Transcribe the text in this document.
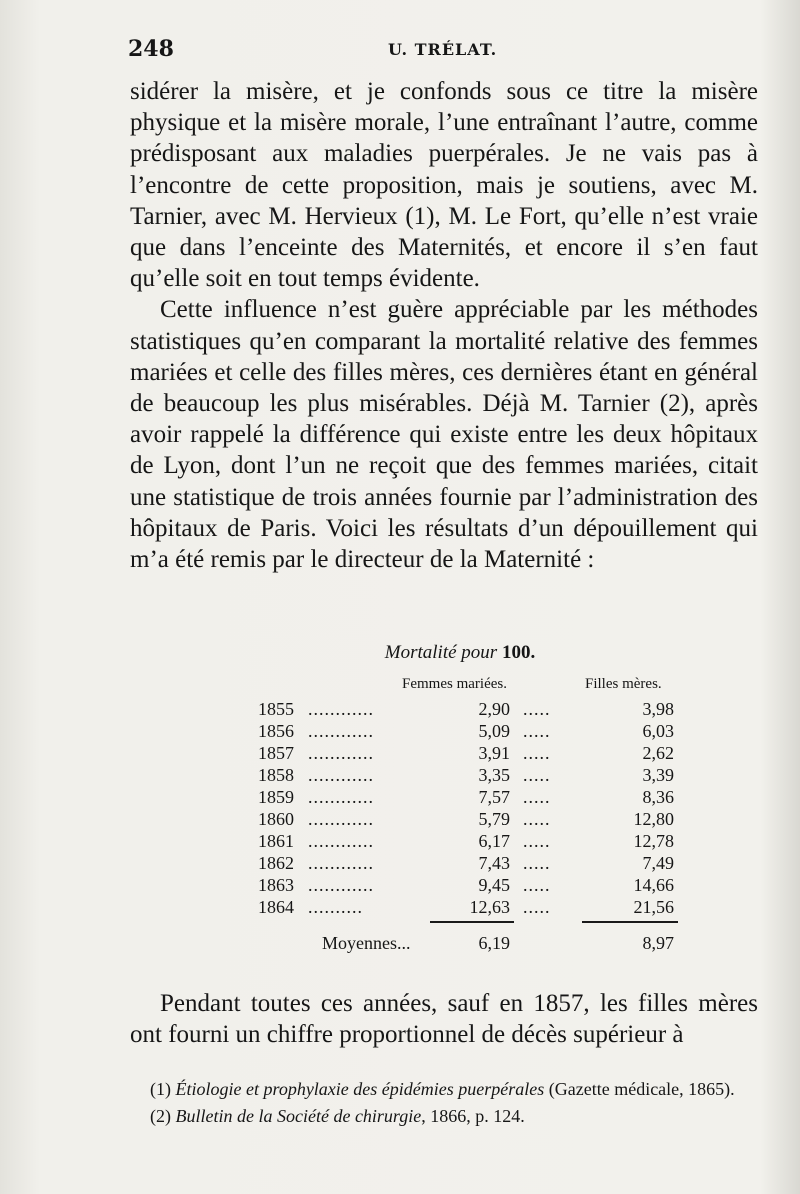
248	U. TRÉLAT.

sidérer la misère, et je confonds sous ce titre la misère physique et la misère morale, l’une entraînant l’autre, comme prédisposant aux maladies puerpérales. Je ne vais pas à l’encontre de cette proposition, mais je soutiens, avec M. Tarnier, avec M. Hervieux (1), M. Le Fort, qu’elle n’est vraie que dans l’enceinte des Maternités, et encore il s’en faut qu’elle soit en tout temps évidente.

Cette influence n’est guère appréciable par les méthodes statistiques qu’en comparant la mortalité relative des femmes mariées et celle des filles mères, ces dernières étant en général de beaucoup les plus misérables. Déjà M. Tarnier (2), après avoir rappelé la différence qui existe entre les deux hôpitaux de Lyon, dont l’un ne reçoit que des femmes mariées, citait une statistique de trois années fournie par l’administration des hôpitaux de Paris. Voici les résultats d’un dépouillement qui m’a été remis par le directeur de la Maternité :

Mortalité pour 100.
Femmes mariées.	Filles mères.
1855 ............	2,90 .....	3,98
1856 ............	5,09 .....	6,03
1857 ............	3,91 .....	2,62
1858 ............	3,35 .....	3,39
1859 ............	7,57 .....	8,36
1860 ............	5,79 .....	12,80
1861 ............	6,17 .....	12,78
1862 ............	7,43 .....	7,49
1863 ............	9,45 .....	14,66
1864 ..........	12,63 .....	21,56
Moyennes...	6,19	8,97

Pendant toutes ces années, sauf en 1857, les filles mères ont fourni un chiffre proportionnel de décès supérieur à

(1) Étiologie et prophylaxie des épidémies puerpérales (Gazette médicale, 1865).

(2) Bulletin de la Société de chirurgie, 1866, p. 124.
